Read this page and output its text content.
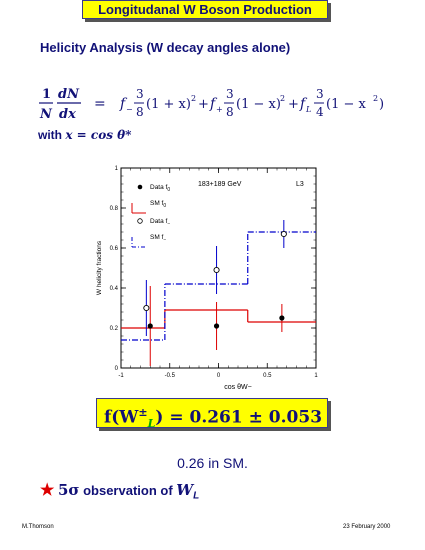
Longitudanal W Boson Production
Helicity Analysis (W decay angles alone)
1
N
dN
dx
= f −
3
8 (1 + x) 2 + f +
3
8 (1 − x) 2 + f L
3
4 (1 − x 2 )
with x = cos θ*
-1	-0.5	0	0.5	1
0
0.2
0.4
0.6
0.8
1
Data $f_0$
SM $f_0$
Data $f_-$
SM $f_-$
183+189 GeV	L3
W helicity fractions
cos θW−
$f(W^\pm_L) = 0.261 \pm 0.053$
0.26 in SM.
★ 5σ observation of $W_L$
M.Thomson	23 February 2000
